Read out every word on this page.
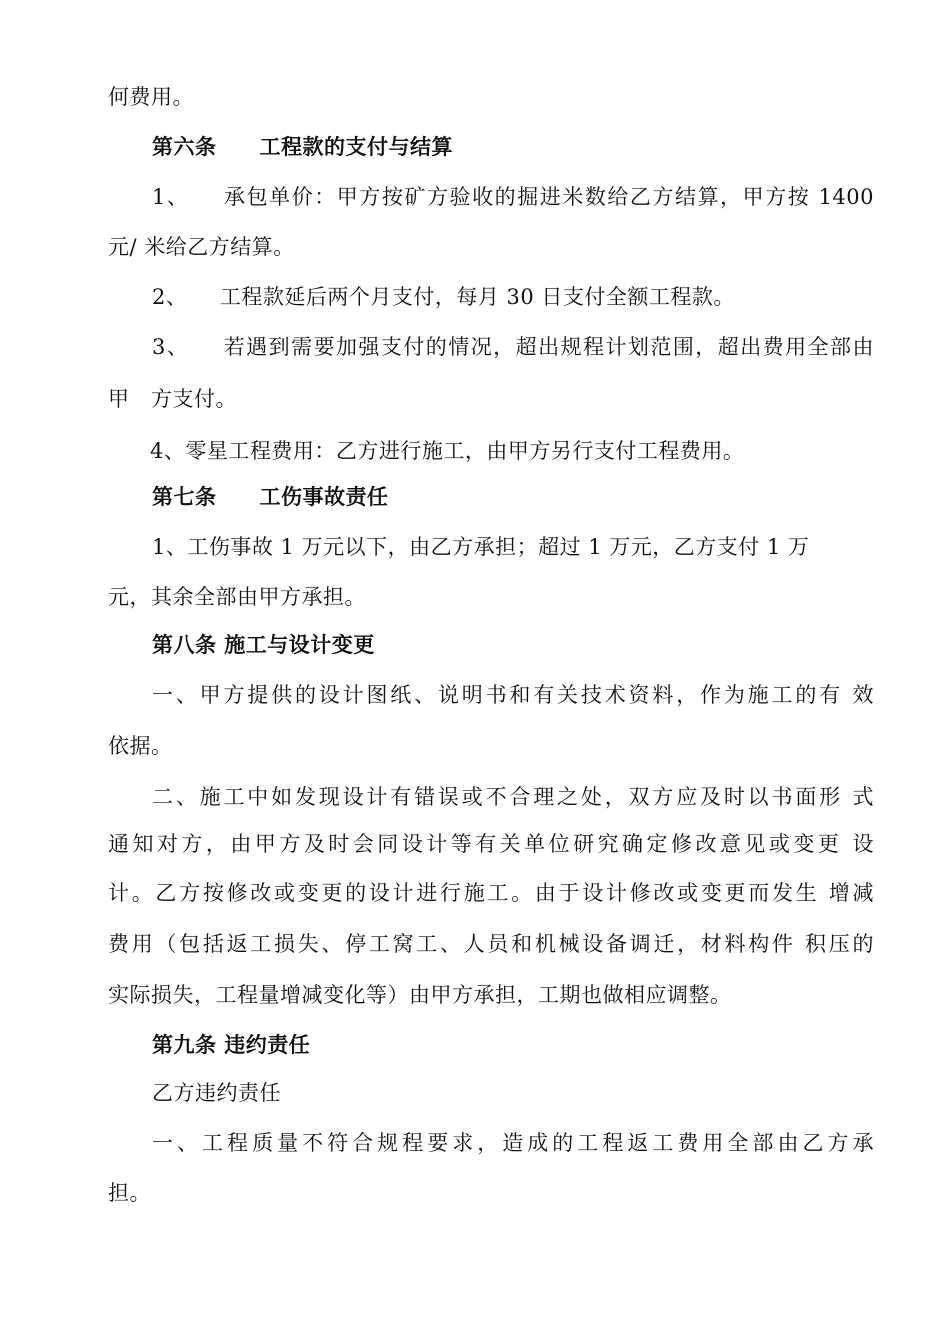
何费用。
第六条　　工程款的支付与结算
1、　　承包单价：甲方按矿方验收的掘进米数给乙方结算，甲方按 1400
元/ 米给乙方结算。
2、　　工程款延后两个月支付，每月 30 日支付全额工程款。
3、　　若遇到需要加强支付的情况，超出规程计划范围，超出费用全部由
甲　方支付。
4、零星工程费用：乙方进行施工，由甲方另行支付工程费用。
第七条　　工伤事故责任
1、工伤事故 1 万元以下，由乙方承担；超过 1 万元，乙方支付 1 万
元，其余全部由甲方承担。
第八条 施工与设计变更
一、甲方提供的设计图纸、说明书和有关技术资料，作为施工的有 效
依据。
二、施工中如发现设计有错误或不合理之处，双方应及时以书面形 式
通知对方，由甲方及时会同设计等有关单位研究确定修改意见或变更 设
计。乙方按修改或变更的设计进行施工。由于设计修改或变更而发生 增减
费用（包括返工损失、停工窝工、人员和机械设备调迁，材料构件 积压的
实际损失，工程量增减变化等）由甲方承担，工期也做相应调整。
第九条 违约责任
乙方违约责任
一、工程质量不符合规程要求，造成的工程返工费用全部由乙方承
担。
